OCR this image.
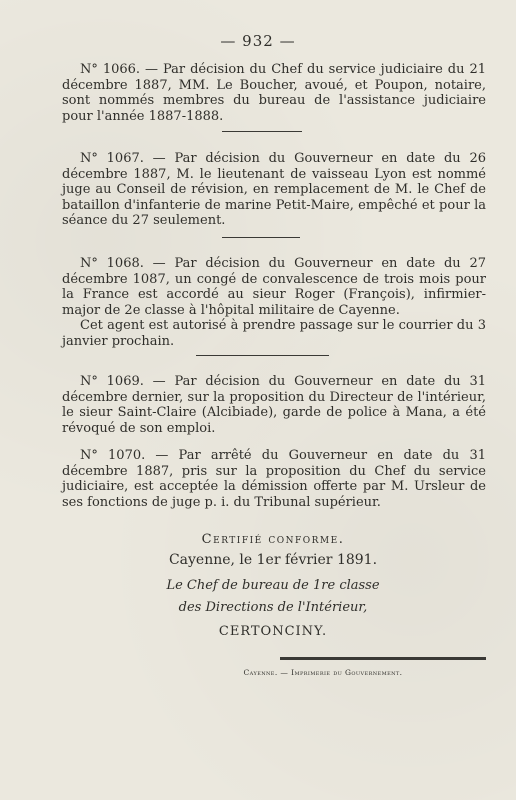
— 932 —

N° 1066. — Par décision du Chef du service judiciaire du 21 décembre 1887, MM. Le Boucher, avoué, et Poupon, notaire, sont nommés membres du bureau de l'assistance judiciaire pour l'année 1887-1888.

N° 1067. — Par décision du Gouverneur en date du 26 décembre 1887, M. le lieutenant de vaisseau Lyon est nommé juge au Conseil de révision, en remplacement de M. le Chef de bataillon d'infanterie de marine Petit-Maire, empêché et pour la séance du 27 seulement.

N° 1068. — Par décision du Gouverneur en date du 27 décembre 1087, un congé de convalescence de trois mois pour la France est accordé au sieur Roger (François), infirmier-major de 2e classe à l'hôpital militaire de Cayenne.

Cet agent est autorisé à prendre passage sur le courrier du 3 janvier prochain.

N° 1069. — Par décision du Gouverneur en date du 31 décembre dernier, sur la proposition du Directeur de l'intérieur, le sieur Saint-Claire (Alcibiade), garde de police à Mana, a été révoqué de son emploi.

N° 1070. — Par arrêté du Gouverneur en date du 31 décembre 1887, pris sur la proposition du Chef du service judiciaire, est acceptée la démission offerte par M. Ursleur de ses fonctions de juge p. i. du Tribunal supérieur.

Certifié conforme.
Cayenne, le 1er février 1891.
Le Chef de bureau de 1re classe
des Directions de l'Intérieur,
CERTONCINY.
Cayenne. — Imprimerie du Gouvernement.
